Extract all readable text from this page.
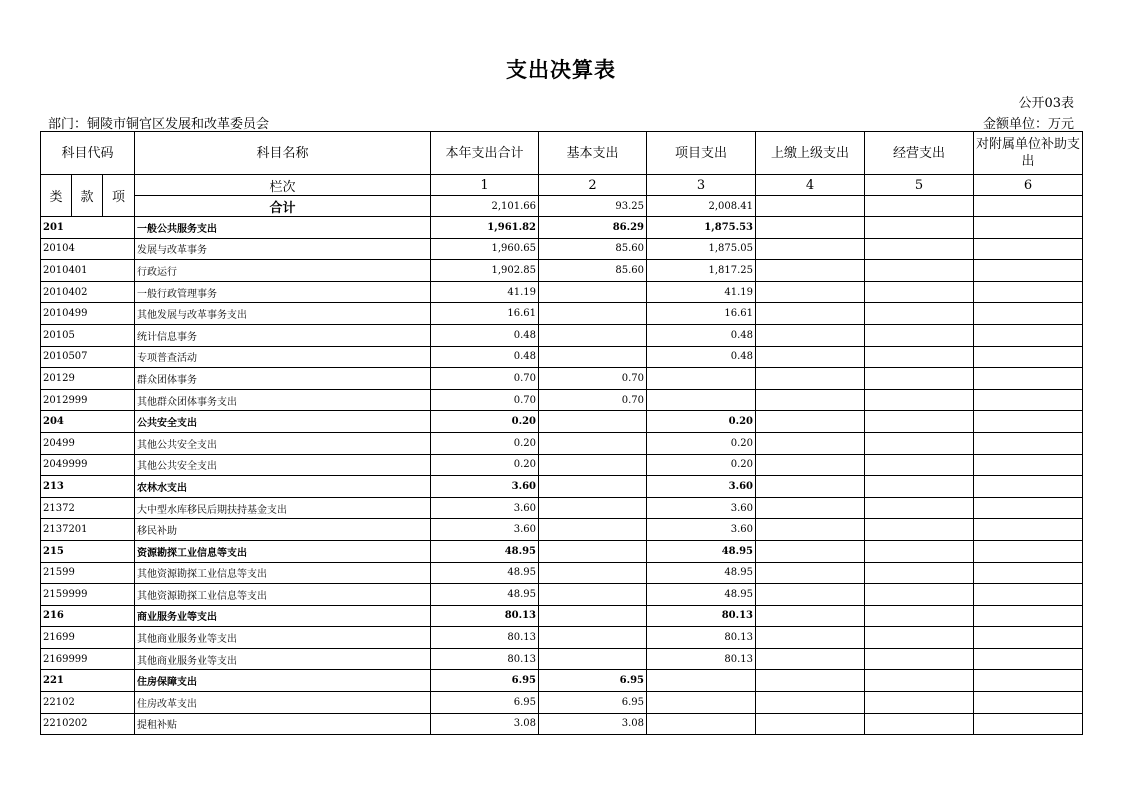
支出决算表
公开03表
部门：铜陵市铜官区发展和改革委员会	金额单位：万元
科目代码			科目名称	本年支出合计	基本支出	项目支出	上缴上级支出	经营支出	对附属单位补助支出
类	款	项	栏次	1	2	3	4	5	6
			合计	2,101.66	93.25	2,008.41			
201			一般公共服务支出	1,961.82	86.29	1,875.53			
20104			发展与改革事务	1,960.65	85.60	1,875.05			
2010401			行政运行	1,902.85	85.60	1,817.25			
2010402			一般行政管理事务	41.19		41.19			
2010499			其他发展与改革事务支出	16.61		16.61			
20105			统计信息事务	0.48		0.48			
2010507			专项普查活动	0.48		0.48			
20129			群众团体事务	0.70	0.70				
2012999			其他群众团体事务支出	0.70	0.70				
204			公共安全支出	0.20		0.20			
20499			其他公共安全支出	0.20		0.20			
2049999			其他公共安全支出	0.20		0.20			
213			农林水支出	3.60		3.60			
21372			大中型水库移民后期扶持基金支出	3.60		3.60			
2137201			移民补助	3.60		3.60			
215			资源勘探工业信息等支出	48.95		48.95			
21599			其他资源勘探工业信息等支出	48.95		48.95			
2159999			其他资源勘探工业信息等支出	48.95		48.95			
216			商业服务业等支出	80.13		80.13			
21699			其他商业服务业等支出	80.13		80.13			
2169999			其他商业服务业等支出	80.13		80.13			
221			住房保障支出	6.95	6.95				
22102			住房改革支出	6.95	6.95				
2210202			提租补贴	3.08	3.08				
